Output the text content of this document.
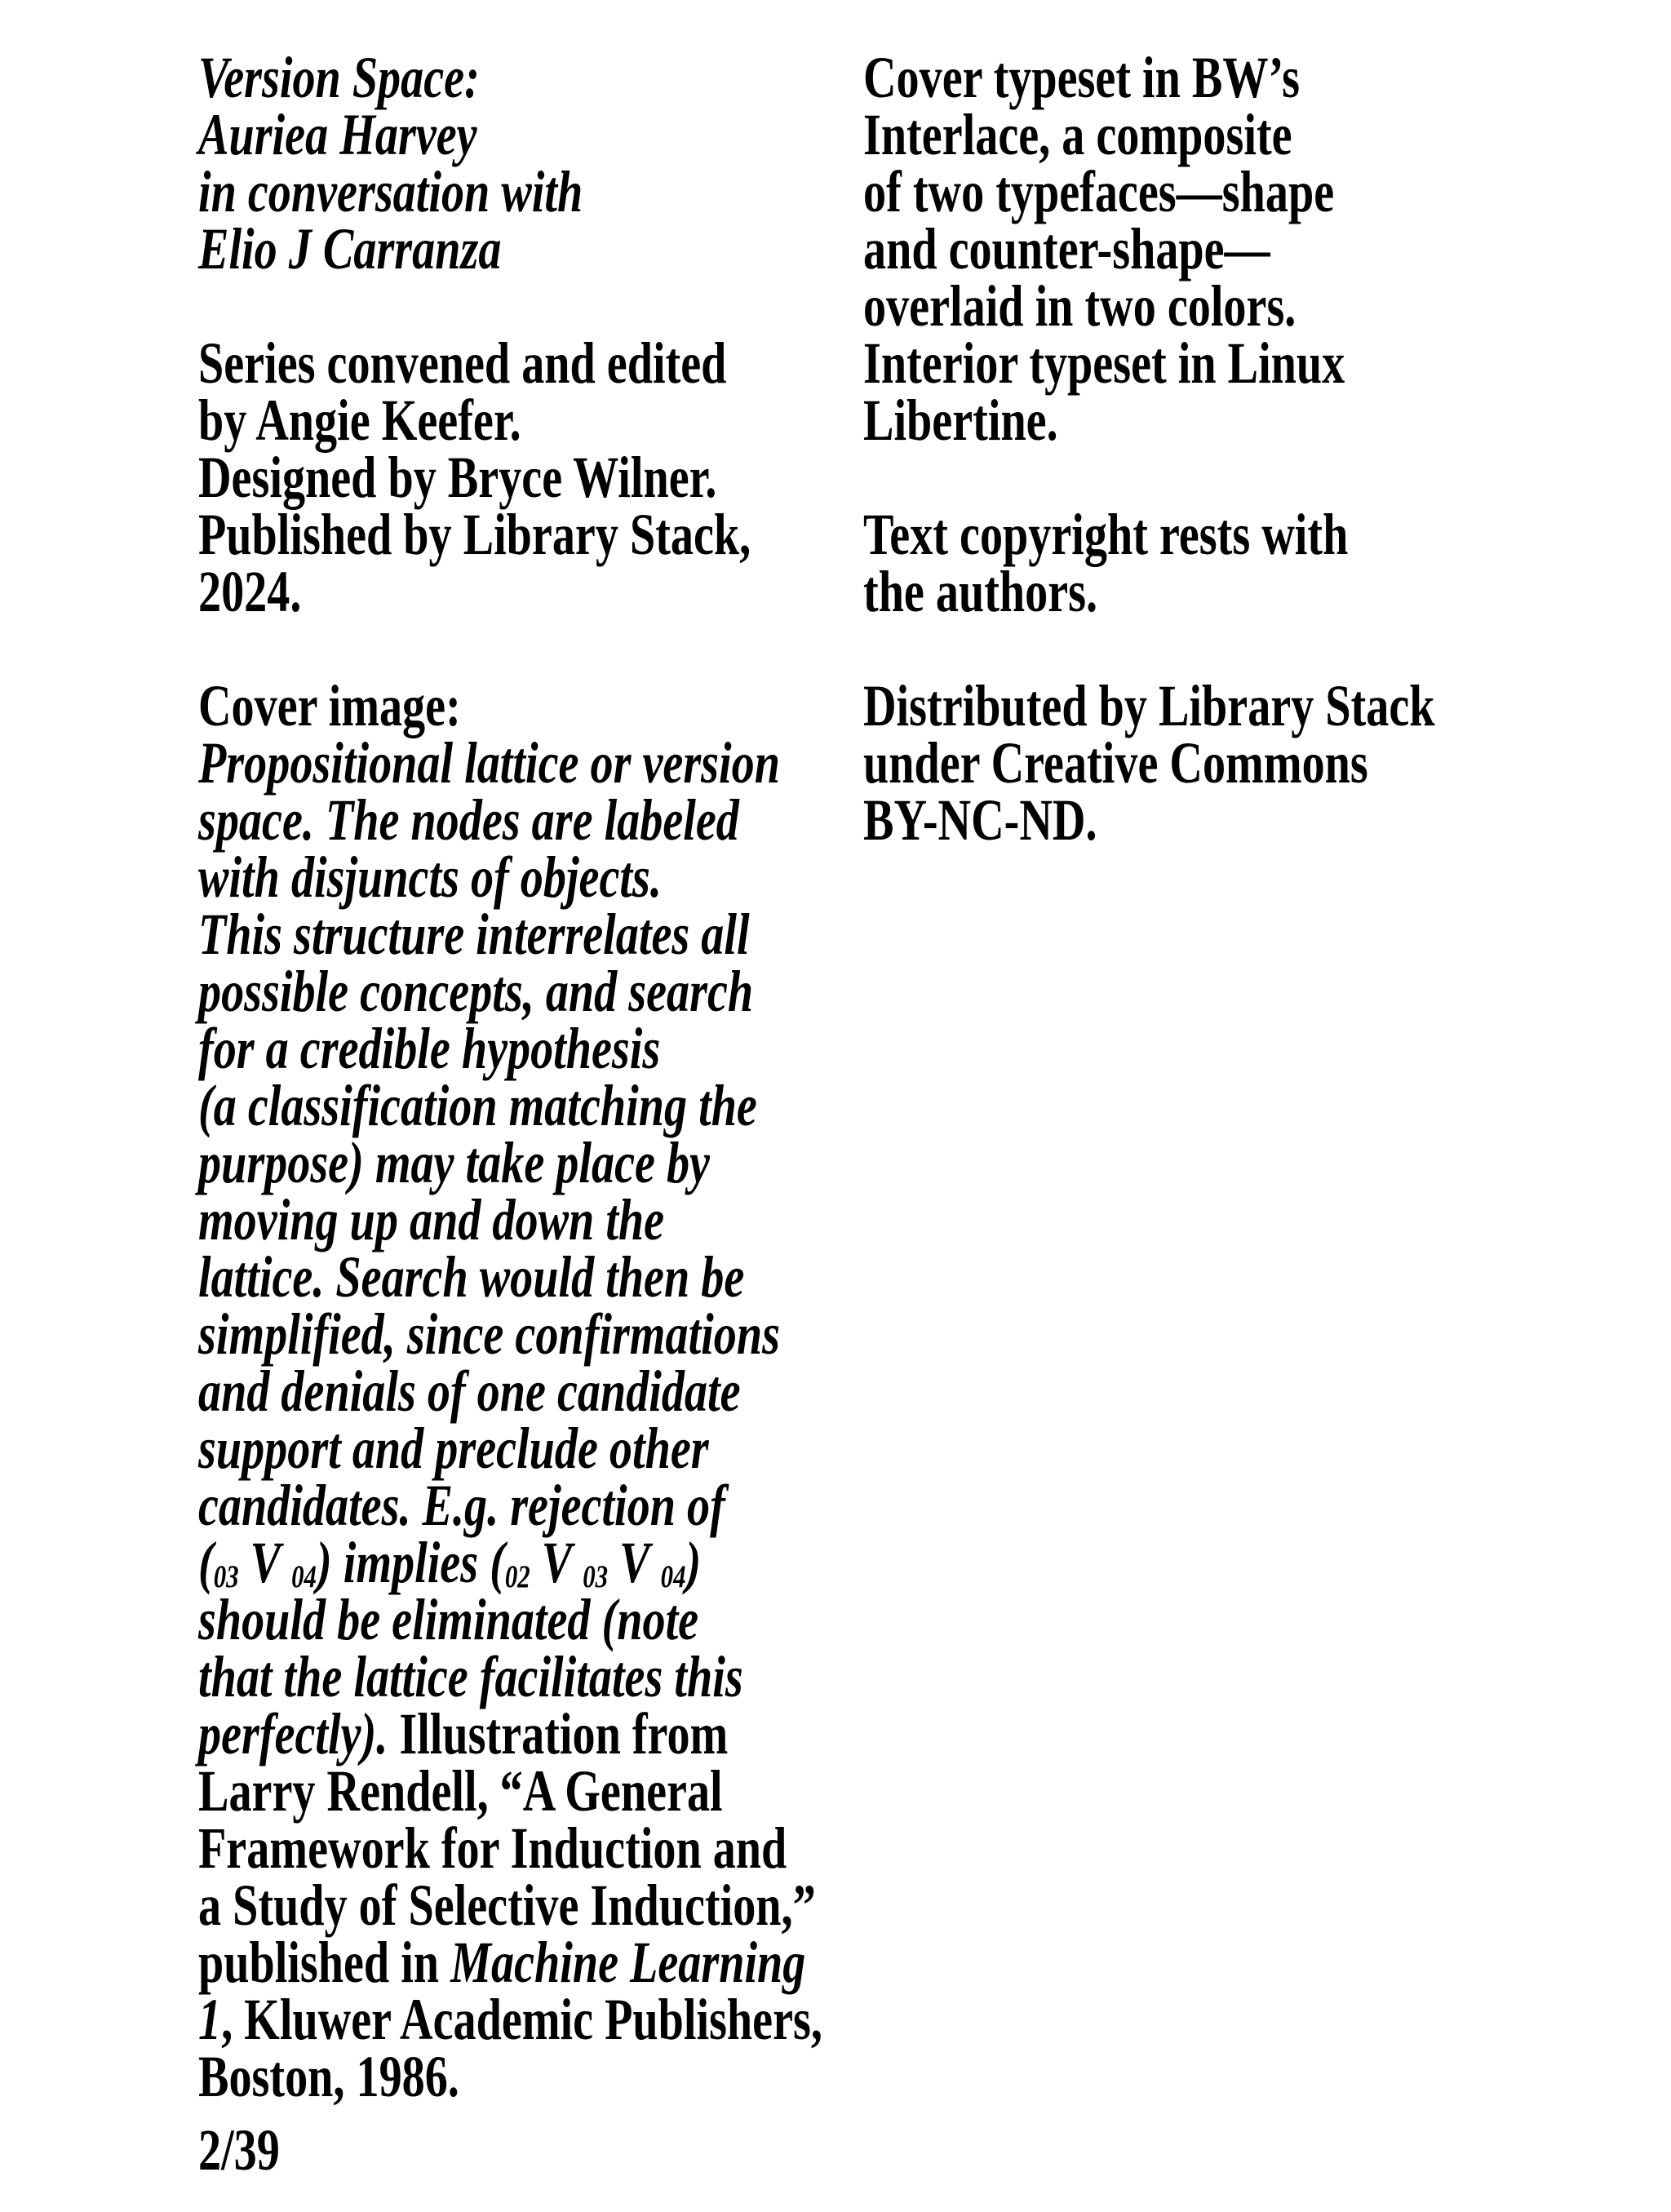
Version Space:
Auriea Harvey
in conversation with
Elio J Carranza
Series convened and edited
by Angie Keefer.
Designed by Bryce Wilner.
Published by Library Stack,
2024.
Cover image:
Propositional lattice or version
space. The nodes are labeled
with disjuncts of objects.
This structure interrelates all
possible concepts, and search
for a credible hypothesis
(a classification matching the
purpose) may take place by
moving up and down the
lattice. Search would then be
simplified, since confirmations
and denials of one candidate
support and preclude other
candidates. E.g. rejection of
($_{03}$ V $_{04}$) implies ($_{02}$ V $_{03}$ V $_{04}$)
should be eliminated (note
that the lattice facilitates this
perfectly). Illustration from
Larry Rendell, “A General
Framework for Induction and
a Study of Selective Induction,”
published in Machine Learning
1, Kluwer Academic Publishers,
Boston, 1986.
Cover typeset in BW’s
Interlace, a composite
of two typefaces—shape
and counter-shape—
overlaid in two colors.
Interior typeset in Linux
Libertine.
Text copyright rests with
the authors.
Distributed by Library Stack
under Creative Commons
BY-NC-ND.
2/39
